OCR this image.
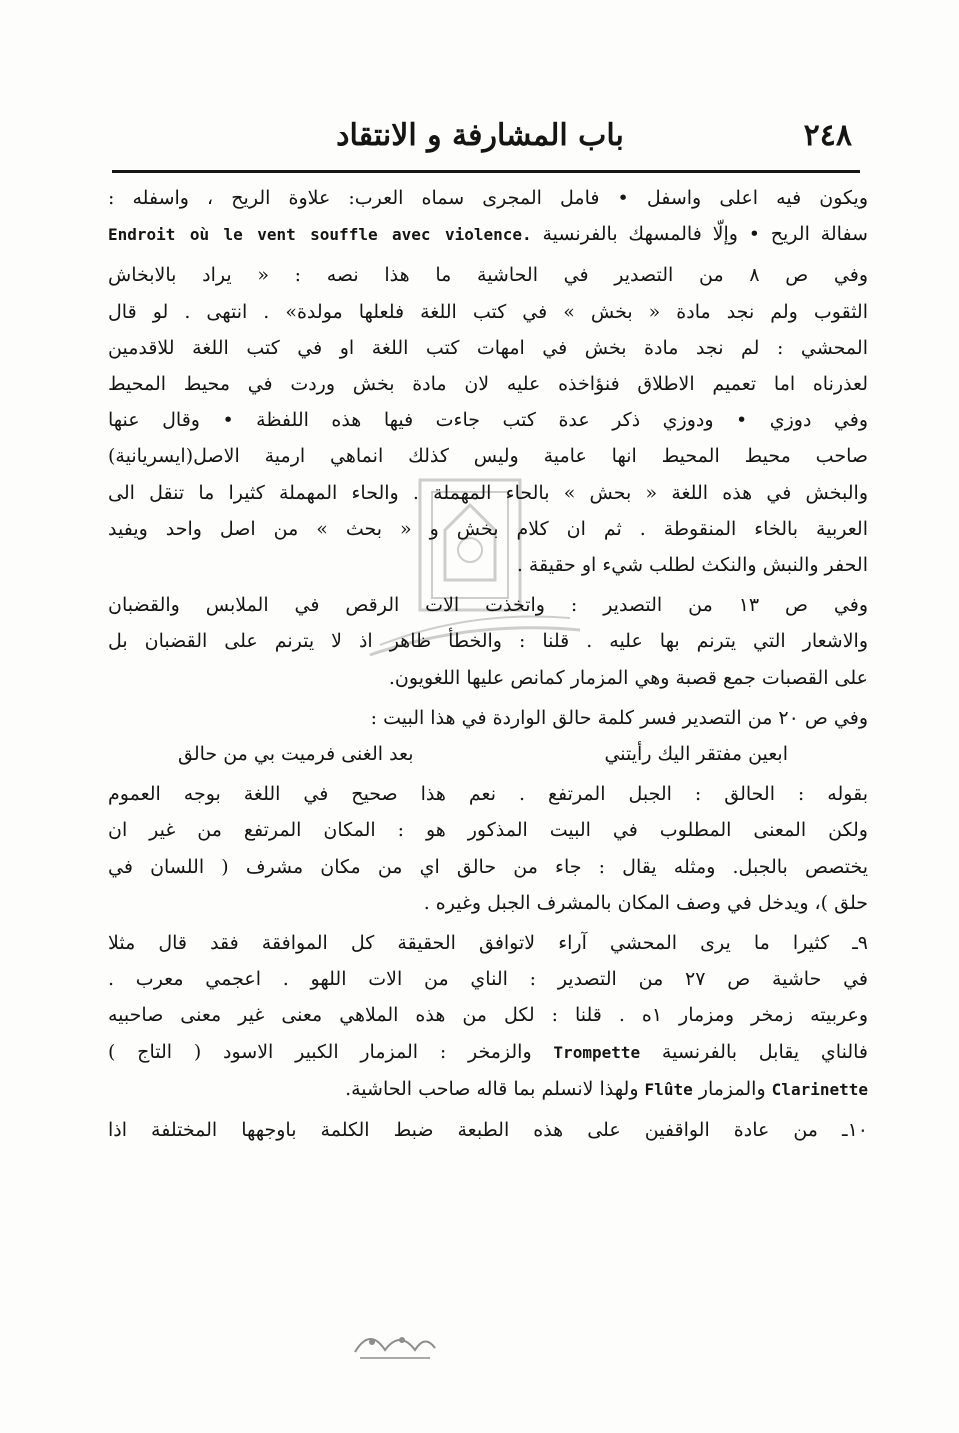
٢٤٨
باب المشارفة و الانتقاد

ويكون فيه اعلى واسفل • فامل المجرى سماه العرب: علاوة الريح ، واسفله :

سفالة الريح • وإلّا فالمسهك بالفرنسية Endroit où le vent souffle avec violence.

وفي ص ٨ من التصدير في الحاشية ما هذا نصه : « يراد بالابخاش

الثقوب ولم نجد مادة « بخش » في كتب اللغة فلعلها مولدة» . انتهى . لو قال

المحشي : لم نجد مادة بخش في امهات كتب اللغة او في كتب اللغة للاقدمين

لعذرناه اما تعميم الاطلاق فنؤاخذه عليه لان مادة بخش وردت في محيط المحيط

وفي دوزي • ودوزي ذكر عدة كتب جاءت فيها هذه اللفظة • وقال عنها

صاحب محيط المحيط انها عامية وليس كذلك انماهي ارمية الاصل(ايسريانية)

والبخش في هذه اللغة « بحش » بالحاء المهملة . والحاء المهملة كثيرا ما تنقل الى

العربية بالخاء المنقوطة . ثم ان كلام بخش و « بحث » من اصل واحد ويفيد

الحفر والنبش والنكث لطلب شيء او حقيقة .

وفي ص ١٣ من التصدير : واتخذت الات الرقص في الملابس والقضبان

والاشعار التي يترنم بها عليه . قلنا : والخطأ ظاهر اذ لا يترنم على القضبان بل

على القصبات جمع قصبة وهي المزمار كمانص عليها اللغويون.

وفي ص ٢٠ من التصدير فسر كلمة حالق الواردة في هذا البيت :

ابعين مفتقر اليك رأيتني
بعد الغنى فرميت بي من حالق

بقوله : الحالق : الجبل المرتفع . نعم هذا صحيح في اللغة بوجه العموم

ولكن المعنى المطلوب في البيت المذكور هو : المكان المرتفع من غير ان

يختصص بالجبل. ومثله يقال : جاء من حالق اي من مكان مشرف ( اللسان في

حلق )، ويدخل في وصف المكان بالمشرف الجبل وغيره .

٩ـ كثيرا ما يرى المحشي آراء لاتوافق الحقيقة كل الموافقة فقد قال مثلا

في حاشية ص ٢٧ من التصدير : الناي من الات اللهو . اعجمي معرب .

وعربيته زمخر ومزمار ١ه . قلنا : لكل من هذه الملاهي معنى غير معنى صاحبيه

فالناي يقابل بالفرنسية Trompette والزمخر : المزمار الكبير الاسود ( التاج )

Clarinette والمزمار Flûte ولهذا لانسلم بما قاله صاحب الحاشية.

١٠ـ من عادة الواقفين على هذه الطبعة ضبط الكلمة باوجهها المختلفة اذا
